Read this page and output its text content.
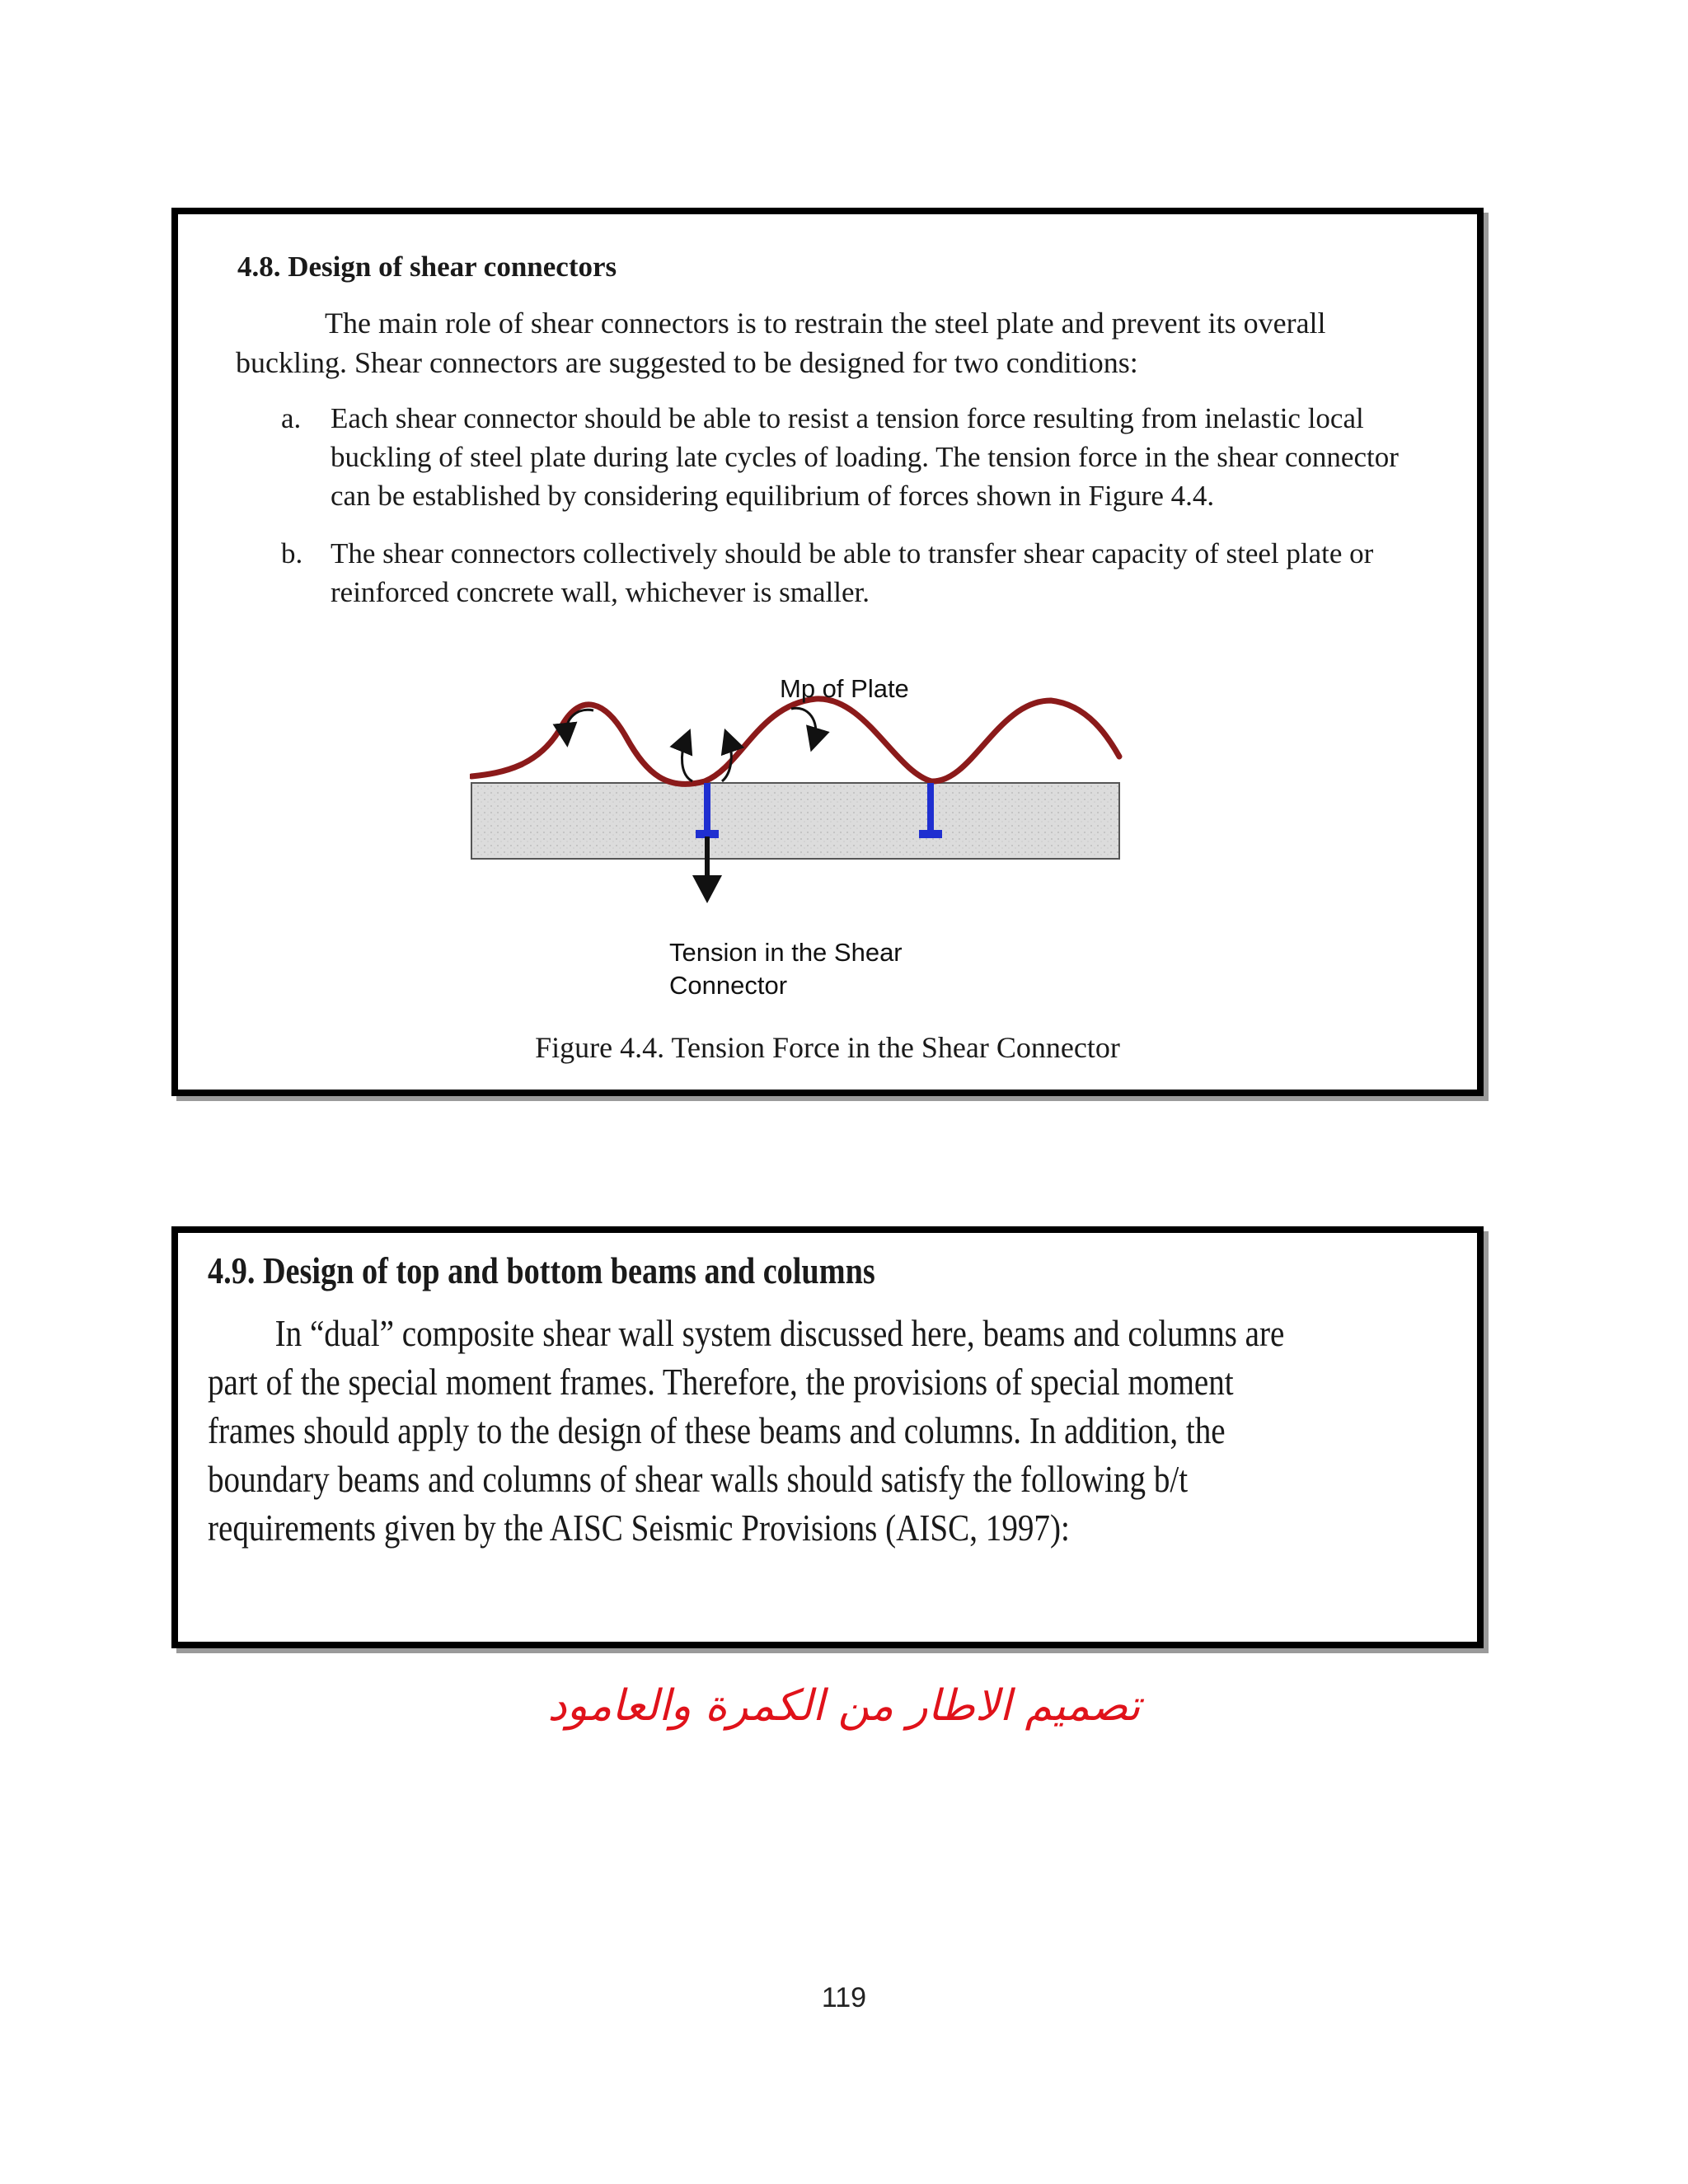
4.8. Design of shear connectors

The main role of shear connectors is to restrain the steel plate and prevent its overall buckling. Shear connectors are suggested to be designed for two conditions:

a. Each shear connector should be able to resist a tension force resulting from inelastic local buckling of steel plate during late cycles of loading. The tension force in the shear connector can be established by considering equilibrium of forces shown in Figure 4.4.
b. The shear connectors collectively should be able to transfer shear capacity of steel plate or reinforced concrete wall, whichever is smaller.
Mp of Plate
Tension in the Shear
Connector
Figure 4.4. Tension Force in the Shear Connector
4.9. Design of top and bottom beams and columns

In “dual” composite shear wall system discussed here, beams and columns are part of the special moment frames. Therefore, the provisions of special moment frames should apply to the design of these beams and columns. In addition, the boundary beams and columns of shear walls should satisfy the following b/t requirements given by the AISC Seismic Provisions (AISC, 1997):

تصميم الاطار من الكمرة والعامود
119
